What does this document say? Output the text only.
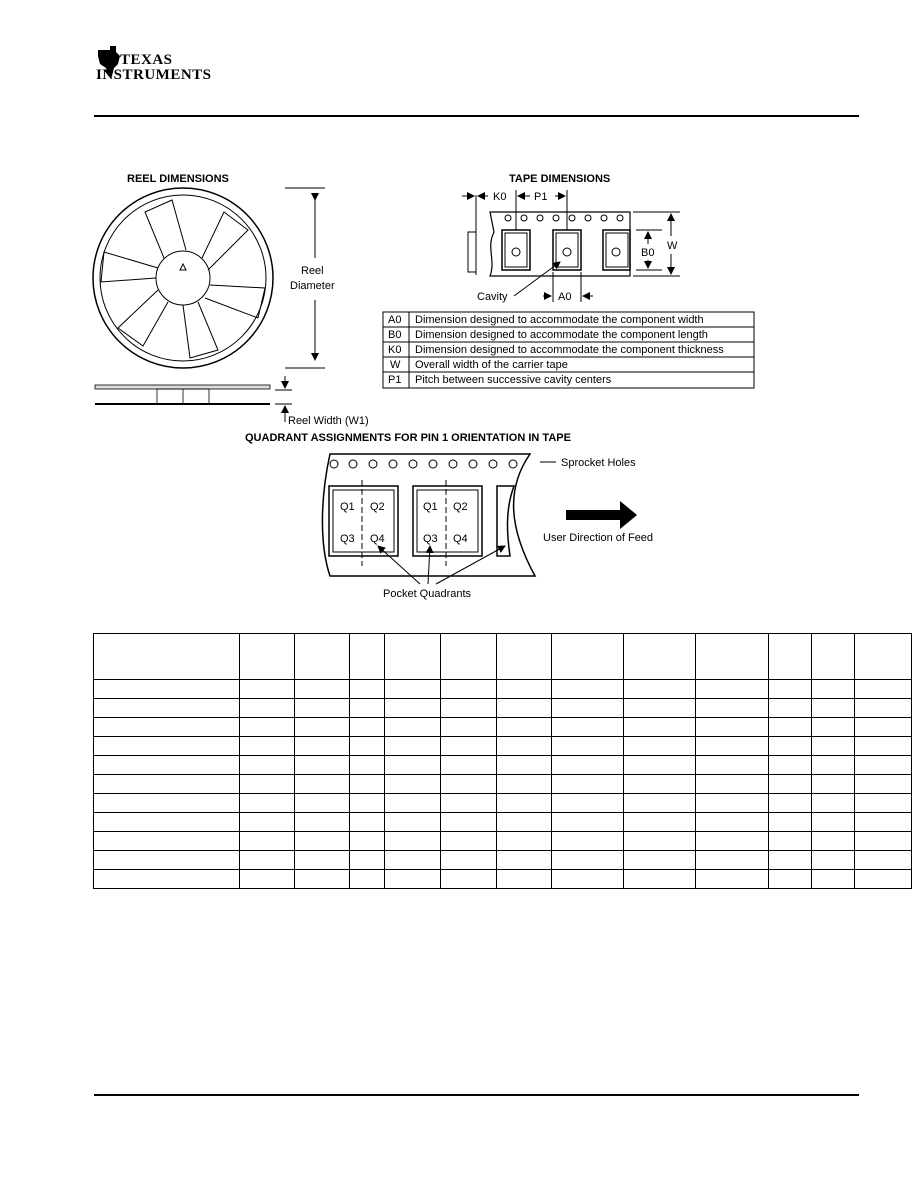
TEXAS
INSTRUMENTS
REEL DIMENSIONS
Reel
Diameter
Reel Width (W1)
TAPE DIMENSIONS
K0	P1
B0
W
Cavity	A0
A0 Dimension designed to accommodate the component width
B0 Dimension designed to accommodate the component length
K0 Dimension designed to accommodate the component thickness
W Overall width of the carrier tape
P1 Pitch between successive cavity centers
QUADRANT ASSIGNMENTS FOR PIN 1 ORIENTATION IN TAPE
Q1 Q2
Q3 Q4
Q1 Q2
Q3 Q4
Sprocket Holes
User Direction of Feed
Pocket Quadrants
